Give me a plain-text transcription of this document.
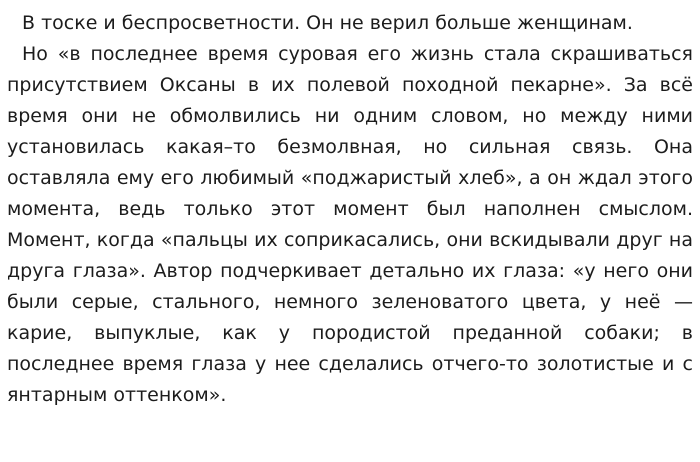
В тоске и беспросветности. Он не верил больше женщинам.

Но «в последнее время суровая его жизнь стала скрашиваться присутствием Оксаны в их полевой походной пекарне». За всё время они не обмолвились ни одним словом, но между ними установилась какая–то безмолвная, но сильная связь. Она оставляла ему его любимый «поджаристый хлеб», а он ждал этого момента, ведь только этот момент был наполнен смыслом. Момент, когда «пальцы их соприкасались, они вскидывали друг на друга глаза». Автор подчеркивает детально их глаза: «у него они были серые, стального, немного зеленоватого цвета, у неё — карие, выпуклые, как у породистой преданной собаки; в последнее время глаза у нее сделались отчего-то золотистые и с янтарным оттенком».
